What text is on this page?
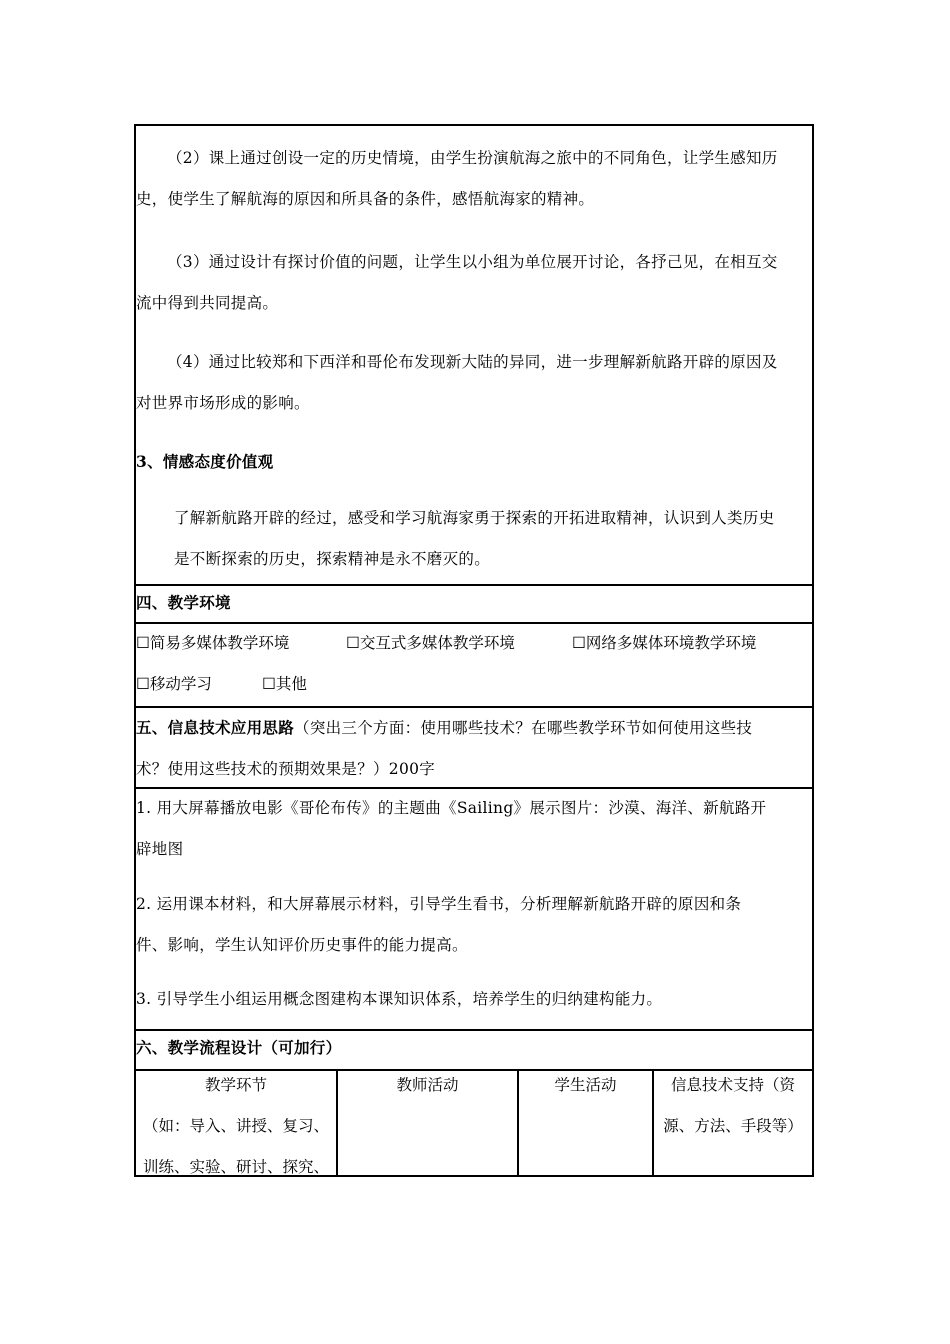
（2）课上通过创设一定的历史情境，由学生扮演航海之旅中的不同角色，让学生感知历

史，使学生了解航海的原因和所具备的条件，感悟航海家的精神。

（3）通过设计有探讨价值的问题，让学生以小组为单位展开讨论，各抒己见，在相互交

流中得到共同提高。

（4）通过比较郑和下西洋和哥伦布发现新大陆的异同，进一步理解新航路开辟的原因及

对世界市场形成的影响。

3、情感态度价值观

了解新航路开辟的经过，感受和学习航海家勇于探索的开拓进取精神，认识到人类历史

是不断探索的历史，探索精神是永不磨灭的。

四、教学环境

☐简易多媒体教学环境	☐交互式多媒体教学环境	☐网络多媒体环境教学环境
☐移动学习	☐其他

五、信息技术应用思路（突出三个方面：使用哪些技术？在哪些教学环节如何使用这些技

术？使用这些技术的预期效果是？）200字

1. 用大屏幕播放电影《哥伦布传》的主题曲《Sailing》展示图片：沙漠、海洋、新航路开

辟地图

2. 运用课本材料，和大屏幕展示材料，引导学生看书，分析理解新航路开辟的原因和条

件、影响，学生认知评价历史事件的能力提高。

3. 引导学生小组运用概念图建构本课知识体系，培养学生的归纳建构能力。

六、教学流程设计（可加行）

教学环节
（如：导入、讲授、复习、
训练、实验、研讨、探究、
教师活动	学生活动	信息技术支持（资
源、方法、手段等）
